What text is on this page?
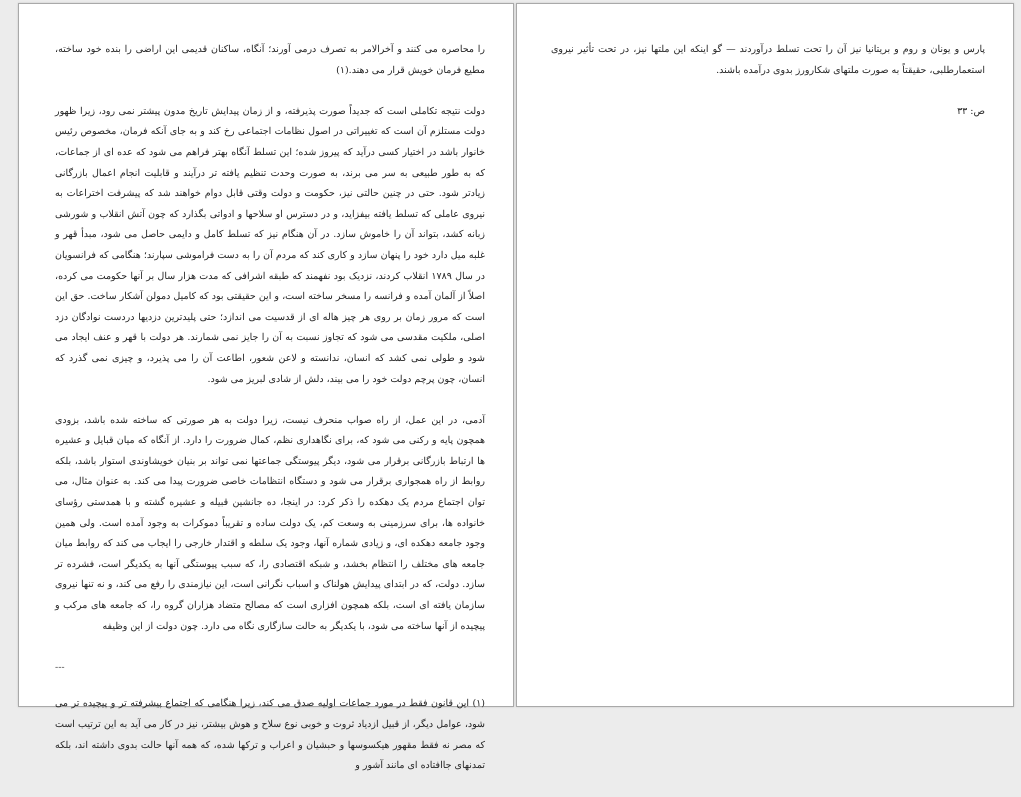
را محاصره می کنند و آخرالامر به تصرف درمی آورند؛ آنگاه، ساکنان قدیمی این اراضی را بنده خود ساخته، مطیع فرمان خویش قرار می دهند.(۱)

دولت نتیجه تکاملی است که جدیداً صورت پذیرفته، و از زمان پیدایش تاریخ مدون پیشتر نمی رود، زیرا ظهور دولت مستلزم آن است که تغییراتی در اصول نظامات اجتماعی رخ کند و به جای آنکه فرمان، مخصوص رئیس خانوار باشد در اختیار کسی درآید که پیروز شده؛ این تسلط آنگاه بهتر فراهم می شود که عده ای از جماعات، که به طور طبیعی به سر می برند، به صورت وحدت تنظیم یافته تر درآیند و قابلیت انجام اعمال بازرگانی زیادتر شود. حتی در چنین حالتی نیز، حکومت و دولت وقتی قابل دوام خواهند شد که پیشرفت اختراعات به نیروی عاملی که تسلط یافته بیفزاید، و در دسترس او سلاحها و ادواتی بگذارد که چون آتش انقلاب و شورشی زبانه کشد، بتواند آن را خاموش سازد. در آن هنگام نیز که تسلط کامل و دایمی حاصل می شود، مبدأ قهر و غلبه میل دارد خود را پنهان سازد و کاری کند که مردم آن را به دست فراموشی سپارند؛ هنگامی که فرانسویان در سال ۱۷۸۹ انقلاب کردند، نزدیک بود نفهمند که طبقه اشرافی که مدت هزار سال بر آنها حکومت می کرده، اصلاً از آلمان آمده و فرانسه را مسخر ساخته است، و این حقیقتی بود که کامیل دمولن آشکار ساخت. حق این است که مرور زمان بر روی هر چیز هاله ای از قدسیت می اندازد؛ حتی پلیدترین دزدیها دردست نوادگان دزد اصلی، ملکیت مقدسی می شود که تجاوز نسبت به آن را جایز نمی شمارند. هر دولت با قهر و عنف ایجاد می شود و طولی نمی کشد که انسان، ندانسته و لاعن شعور، اطاعت آن را می پذیرد، و چیزی نمی گذرد که انسان، چون پرچم دولت خود را می بیند، دلش از شادی لبریز می شود.

آدمی، در این عمل، از راه صواب منحرف نیست، زیرا دولت به هر صورتی که ساخته شده باشد، بزودی همچون پایه و رکنی می شود که، برای نگاهداری نظم، کمال ضرورت را دارد. از آنگاه که میان قبایل و عشیره ها ارتباط بازرگانی برقرار می شود، دیگر پیوستگی جماعتها نمی تواند بر بنیان خویشاوندی استوار باشد، بلکه روابط از راه همجواری برقرار می شود و دستگاه انتظامات خاصی ضرورت پیدا می کند. به عنوان مثال، می توان اجتماع مردم یک دهکده را ذکر کرد: در اینجا، ده جانشین قبیله و عشیره گشته و با همدستی رؤسای خانواده ها، برای سرزمینی به وسعت کم، یک دولت ساده و تقریباً دموکرات به وجود آمده است. ولی همین وجود جامعه دهکده ای، و زیادی شماره آنها، وجود یک سلطه و اقتدار خارجی را ایجاب می کند که روابط میان جامعه های مختلف را انتظام بخشد، و شبکه اقتصادی را، که سبب پیوستگی آنها به یکدیگر است، فشرده تر سازد. دولت، که در ابتدای پیدایش هولناک و اسباب نگرانی است، این نیازمندی را رفع می کند، و نه تنها نیروی سازمان یافته ای است، بلکه همچون افزاری است که مصالح متضاد هزاران گروه را، که جامعه های مرکب و پیچیده از آنها ساخته می شود، با یکدیگر به حالت سازگاری نگاه می دارد. چون دولت از این وظیفه

---

(۱) این قانون فقط در مورد جماعات اولیه صدق می کند، زیرا هنگامی که اجتماع پیشرفته تر و پیچیده تر می شود، عوامل دیگر، از قبیل ازدیاد ثروت و خوبی نوع سلاح و هوش بیشتر، نیز در کار می آید به این ترتیب است که مصر نه فقط مقهور هیکسوسها و حبشیان و اعراب و ترکها شده، که همه آنها حالت بدوی داشته اند، بلکه تمدنهای جاافتاده ای مانند آشور و

پارس و یونان و روم و بریتانیا نیز آن را تحت تسلط درآوردند — گو اینکه این ملتها نیز، در تحت تأثیر نیروی استعمارطلبی، حقیقتاً به صورت ملتهای شکارورز بدوی درآمده باشند.

ص: ۳۳
